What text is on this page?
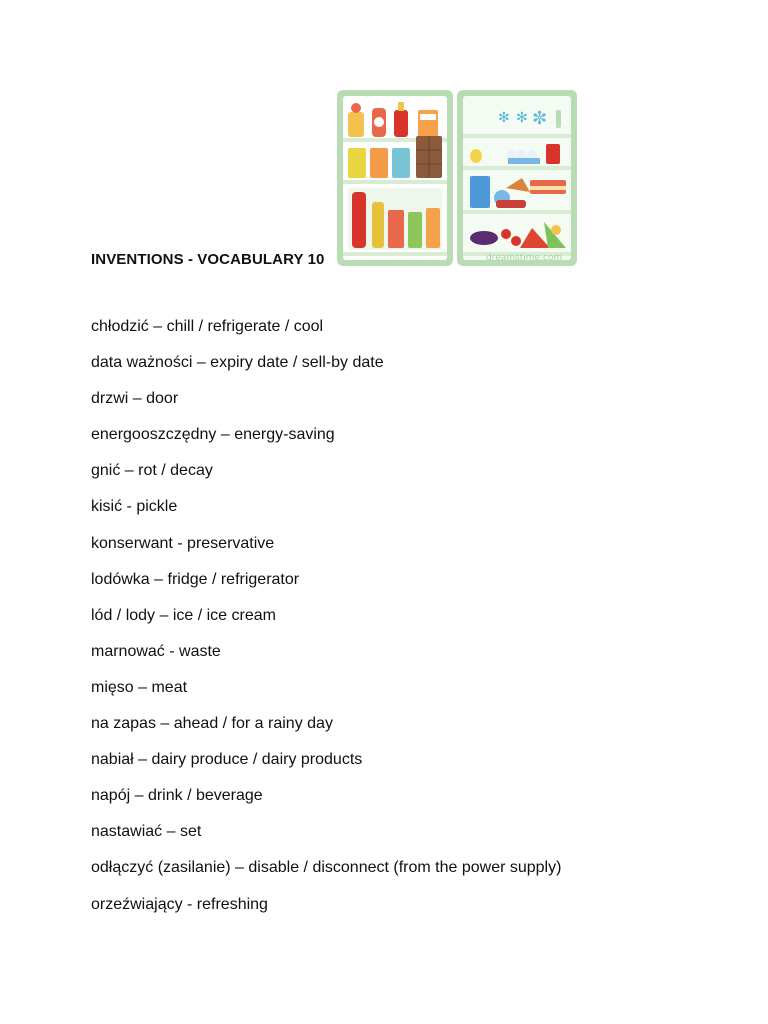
✻ ✻ ✼
dreamstime.com
INVENTIONS - VOCABULARY 10
chłodzić – chill / refrigerate / cool
data ważności – expiry date / sell-by date
drzwi – door
energooszczędny – energy-saving
gnić – rot / decay
kisić - pickle
konserwant - preservative
lodówka – fridge / refrigerator
lód / lody – ice / ice cream
marnować - waste
mięso – meat
na zapas – ahead / for a rainy day
nabiał – dairy produce / dairy products
napój – drink / beverage
nastawiać – set
odłączyć (zasilanie) – disable / disconnect (from the power supply)
orzeźwiający - refreshing
